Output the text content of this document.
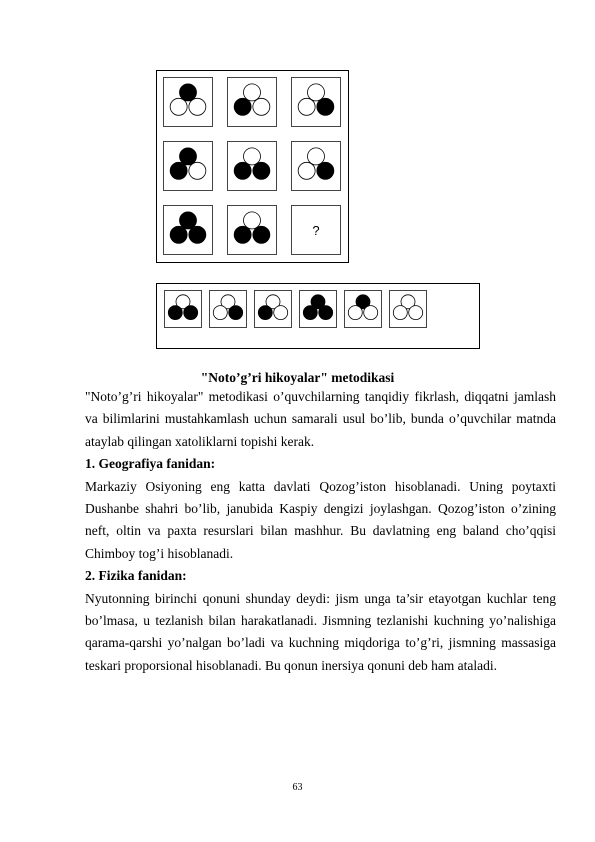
?
"Noto’g’ri hikoyalar" metodikasi

"Noto’g’ri hikoyalar" metodikasi o’quvchilarning tanqidiy fikrlash, diqqatni jamlash va bilimlarini mustahkamlash uchun samarali usul bo’lib, bunda o’quvchilar matnda ataylab qilingan xatoliklarni topishi kerak.

1. Geografiya fanidan:

Markaziy Osiyoning eng katta davlati Qozog’iston hisoblanadi. Uning poytaxti Dushanbe shahri bo’lib, janubida Kaspiy dengizi joylashgan. Qozog’iston o’zining neft, oltin va paxta resurslari bilan mashhur. Bu davlatning eng baland cho’qqisi Chimboy tog’i hisoblanadi.

2. Fizika fanidan:

Nyutonning birinchi qonuni shunday deydi: jism unga ta’sir etayotgan kuchlar teng bo’lmasa, u tezlanish bilan harakatlanadi. Jismning tezlanishi kuchning yo’nalishiga qarama-qarshi yo’nalgan bo’ladi va kuchning miqdoriga to’g’ri, jismning massasiga teskari proporsional hisoblanadi. Bu qonun inersiya qonuni deb ham ataladi.

63
